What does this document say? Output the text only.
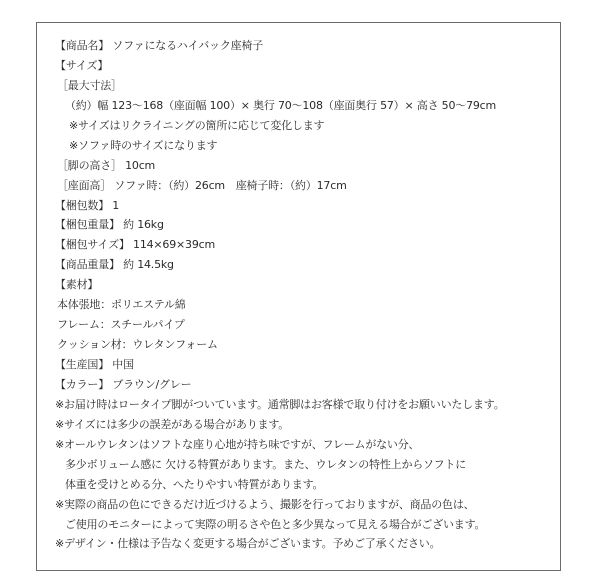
【商品名】 ソファになるハイバック座椅子
【サイズ】
［最大寸法］
（約）幅 123～168（座面幅 100）× 奥行 70～108（座面奥行 57）× 高さ 50～79cm
※サイズはリクライニングの箇所に応じて変化します
※ソファ時のサイズになります
［脚の高さ］ 10cm
［座面高］ ソファ時：（約）26cm　座椅子時：（約）17cm
【梱包数】 1
【梱包重量】 約 16kg
【梱包サイズ】 114×69×39cm
【商品重量】 約 14.5kg
【素材】
本体張地：ポリエステル綿
フレーム：スチールパイプ
クッション材：ウレタンフォーム
【生産国】 中国
【カラー】 ブラウン/グレー
※お届け時はロータイプ脚がついています。通常脚はお客様で取り付けをお願いいたします。
※サイズには多少の誤差がある場合があります。
※オールウレタンはソフトな座り心地が持ち味ですが、フレームがない分、
多少ボリューム感に 欠ける特質があります。また、ウレタンの特性上からソフトに
体重を受けとめる分、へたりやすい特質があります。
※実際の商品の色にできるだけ近づけるよう、撮影を行っておりますが、商品の色は、
ご使用のモニターによって実際の明るさや色と多少異なって見える場合がございます。
※デザイン・仕様は予告なく変更する場合がございます。予めご了承ください。
